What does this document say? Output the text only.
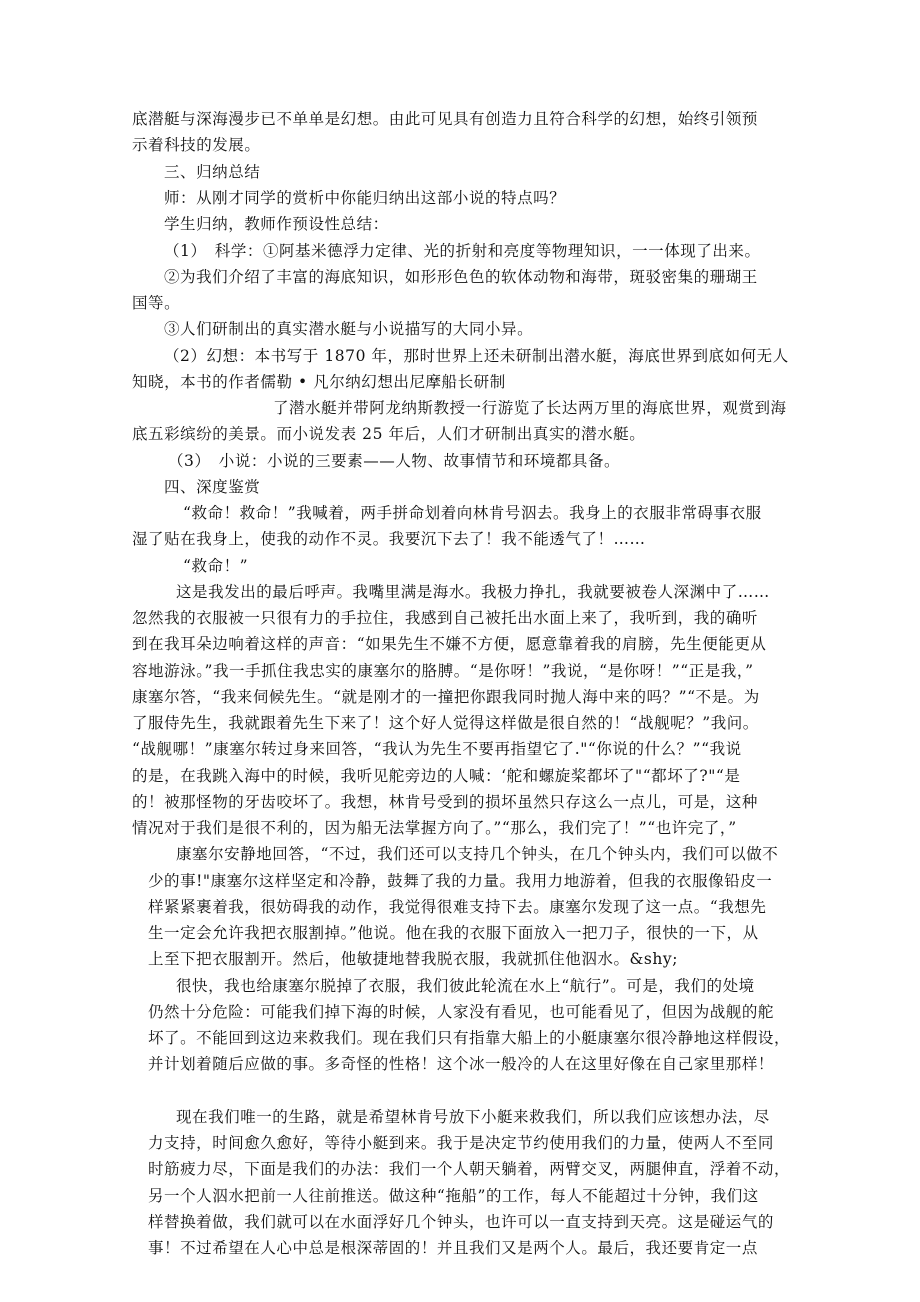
底潜艇与深海漫步已不单单是幻想。由此可见具有创造力且符合科学的幻想，始终引领预
示着科技的发展。
三、归纳总结
师：从刚才同学的赏析中你能归纳出这部小说的特点吗？
学生归纳，教师作预设性总结：
（1）　科学：①阿基米德浮力定律、光的折射和亮度等物理知识，一一体现了出来。
②为我们介绍了丰富的海底知识，如形形色色的软体动物和海带，斑驳密集的珊瑚王
国等。
③人们研制出的真实潜水艇与小说描写的大同小异。
（2）幻想：本书写于 1870 年，那时世界上还未研制出潜水艇，海底世界到底如何无人
知晓，本书的作者儒勒 • 凡尔纳幻想出尼摩船长研制
了潜水艇并带阿龙纳斯教授一行游览了长达两万里的海底世界，观赏到海
底五彩缤纷的美景。而小说发表 25 年后，人们才研制出真实的潜水艇。
（3）　小说：小说的三要素——人物、故事情节和环境都具备。
四、深度鉴赏
“救命！救命！”我喊着，两手拼命划着向林肯号泅去。我身上的衣服非常碍事衣服
湿了贴在我身上，使我的动作不灵。我要沉下去了！我不能透气了！……
“救命！”
这是我发出的最后呼声。我嘴里满是海水。我极力挣扎，我就要被卷人深渊中了……
忽然我的衣服被一只很有力的手拉住，我感到自己被托出水面上来了，我听到，我的确听
到在我耳朵边响着这样的声音：“如果先生不嫌不方便，愿意靠着我的肩膀，先生便能更从
容地游泳。”我一手抓住我忠实的康塞尔的胳膊。“是你呀！”我说，“是你呀！”“正是我，”
康塞尔答，“我来伺候先生。“就是刚才的一撞把你跟我同时抛人海中来的吗？”“不是。为
了服侍先生，我就跟着先生下来了！这个好人觉得这样做是很自然的！“战舰呢？”我问。
“战舰哪！”康塞尔转过身来回答，“我认为先生不要再指望它了."“你说的什么？”“我说
的是，在我跳入海中的时候，我听见舵旁边的人喊：‘舵和螺旋桨都坏了"“都坏了?"“是
的！被那怪物的牙齿咬坏了。我想，林肯号受到的损坏虽然只存这么一点儿，可是，这种
情况对于我们是很不利的，因为船无法掌握方向了。”“那么，我们完了！”“也许完了，”
康塞尔安静地回答，“不过，我们还可以支持几个钟头，在几个钟头内，我们可以做不
少的事!"康塞尔这样坚定和冷静，鼓舞了我的力量。我用力地游着，但我的衣服像铅皮一
样紧紧裹着我，很妨碍我的动作，我觉得很难支持下去。康塞尔发现了这一点。“我想先
生一定会允许我把衣服割掉。”他说。他在我的衣服下面放入一把刀子，很快的一下，从
上至下把衣服割开。然后，他敏捷地替我脱衣服，我就抓住他泅水。&shy;
很快，我也给康塞尔脱掉了衣服，我们彼此轮流在水上“航行”。可是，我们的处境
仍然十分危险：可能我们掉下海的时候，人家没有看见，也可能看见了，但因为战舰的舵
坏了。不能回到这边来救我们。现在我们只有指靠大船上的小艇康塞尔很冷静地这样假设，
并计划着随后应做的事。多奇怪的性格！这个冰一般冷的人在这里好像在自己家里那样！
现在我们唯一的生路，就是希望林肯号放下小艇来救我们，所以我们应该想办法，尽
力支持，时间愈久愈好，等待小艇到来。我于是决定节约使用我们的力量，使两人不至同
时筋疲力尽，下面是我们的办法：我们一个人朝天躺着，两臂交叉，两腿伸直，浮着不动，
另一个人泅水把前一人往前推送。做这种“拖船”的工作，每人不能超过十分钟，我们这
样替换着做，我们就可以在水面浮好几个钟头，也许可以一直支持到天亮。这是碰运气的
事！不过希望在人心中总是根深蒂固的！并且我们又是两个人。最后，我还要肯定一点
